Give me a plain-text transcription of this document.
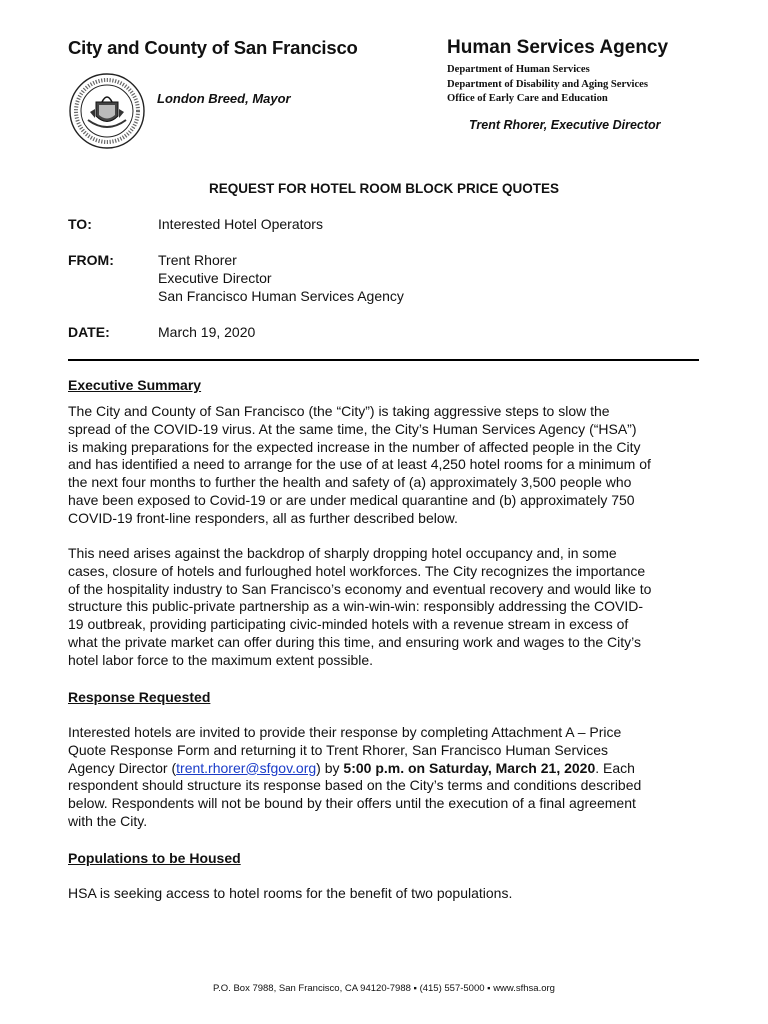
City and County of San Francisco	Human Services Agency
London Breed, Mayor
Department of Human Services
Department of Disability and Aging Services
Office of Early Care and Education
Trent Rhorer, Executive Director
REQUEST FOR HOTEL ROOM BLOCK PRICE QUOTES
TO:	Interested Hotel Operators
FROM:	Trent Rhorer
Executive Director
San Francisco Human Services Agency
DATE:	March 19, 2020
Executive Summary
The City and County of San Francisco (the “City”) is taking aggressive steps to slow the
spread of the COVID-19 virus. At the same time, the City’s Human Services Agency (“HSA”)
is making preparations for the expected increase in the number of affected people in the City
and has identified a need to arrange for the use of at least 4,250 hotel rooms for a minimum of
the next four months to further the health and safety of (a) approximately 3,500 people who
have been exposed to Covid-19 or are under medical quarantine and (b) approximately 750
COVID-19 front-line responders, all as further described below.
This need arises against the backdrop of sharply dropping hotel occupancy and, in some
cases, closure of hotels and furloughed hotel workforces. The City recognizes the importance
of the hospitality industry to San Francisco’s economy and eventual recovery and would like to
structure this public-private partnership as a win-win-win: responsibly addressing the COVID-
19 outbreak, providing participating civic-minded hotels with a revenue stream in excess of
what the private market can offer during this time, and ensuring work and wages to the City’s
hotel labor force to the maximum extent possible.
Response Requested
Interested hotels are invited to provide their response by completing Attachment A – Price
Quote Response Form and returning it to Trent Rhorer, San Francisco Human Services
Agency Director (trent.rhorer@sfgov.org) by 5:00 p.m. on Saturday, March 21, 2020. Each
respondent should structure its response based on the City’s terms and conditions described
below. Respondents will not be bound by their offers until the execution of a final agreement
with the City.
Populations to be Housed
HSA is seeking access to hotel rooms for the benefit of two populations.
P.O. Box 7988, San Francisco, CA 94120-7988 ▪ (415) 557-5000 ▪ www.sfhsa.org
